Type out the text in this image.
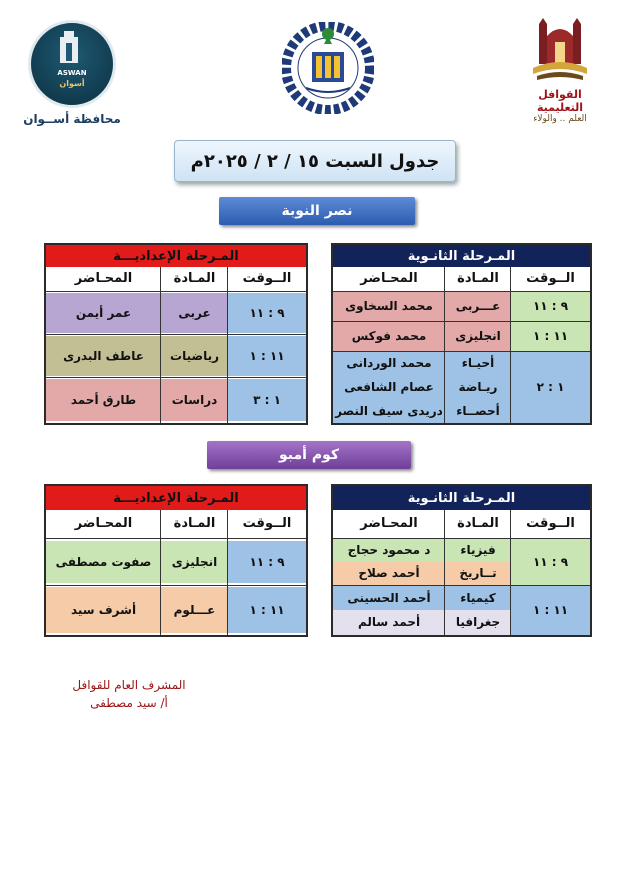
القوافل التعليمية
العلم .. والولاء
ASWAN
أسوان
محافظة أســوان
جدول السبت ١٥ / ٢ / ٢٠٢٥م
نصر النوبة
المـرحلة الثانـوية
الــوقت
المـادة
المحـاضر
٩ : ١١
عـــربى
محمد السخاوى
١١ : ١
انجليزى
محمد فوكس
١ : ٢
أحيـاء
ريـاضة
أحصــاء
محمد الوردانى
عصام الشافعى
دريدى سيف النصر
المـرحلة الإعداديـــة
الــوقت
المـادة
المحـاضر
٩ : ١١
عربى
عمر أيمن
١١ : ١
رياضيات
عاطف البدرى
١ : ٣
دراسات
طارق أحمد
كوم أمبو
المـرحلة الثانـوية
الــوقت
المـادة
المحـاضر
٩ : ١١
فيزياء
تــاريخ
د محمود حجاج
أحمد صلاح
١١ : ١
كيمياء
جغرافيا
أحمد الحسينى
أحمد سالم
المـرحلة الإعداديـــة
الــوقت
المـادة
المحـاضر
٩ : ١١
انجليزى
صفوت مصطفى
١١ : ١
عـــلوم
أشرف سيد
المشرف العام للقوافل
أ/ سيد مصطفى
